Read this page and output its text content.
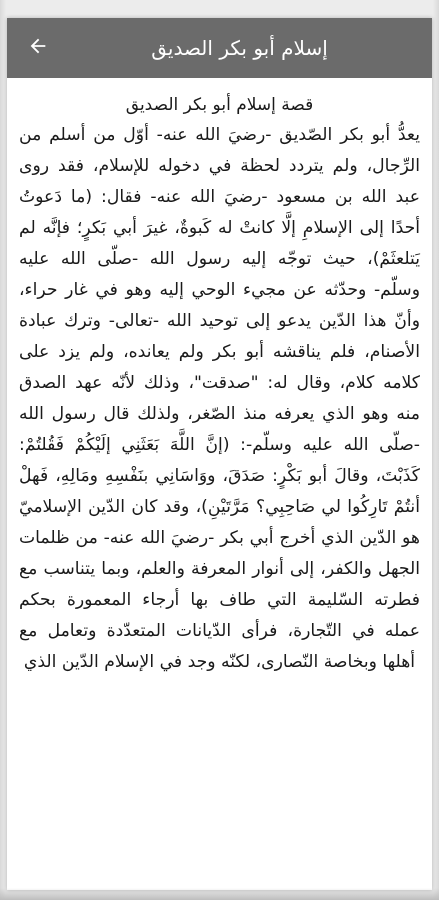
إسلام أبو بكر الصديق
قصة إسلام أبو بكر الصديق
يعدُّ أبو بكر الصّديق -رضيَ الله عنه- أوّل من أسلم من الرِّجال، ولم يتردد لحظة في دخوله للإسلام، فقد روى عبد الله بن مسعود -رضيَ الله عنه- فقال: (ما دَعوتُ أحدًا إلى الإسلامِ إلَّا كانتْ له كَبوةٌ، غيرَ أبي بَكرٍ؛ فإنَّه لم يَتلعثَمْ)، حيث توجّه إليه رسول الله -صلّى الله عليه وسلّم- وحدّثه عن مجيء الوحي إليه وهو في غار حراء، وأنّ هذا الدّين يدعو إلى توحيد الله -تعالى- وترك عبادة الأصنام، فلم يناقشه أبو بكر ولم يعانده، ولم يزد على كلامه كلام، وقال له: "صدقت"، وذلك لأنّه عهد الصدق منه وهو الذي يعرفه منذ الصّغر، ولذلك قال رسول الله -صلّى الله عليه وسلّم-: (إنَّ اللَّهَ بَعَثَنِي إلَيْكُمْ فَقُلتُمْ: كَذَبْتَ، وقالَ أبو بَكْرٍ: صَدَقَ، ووَاسَانِي بنَفْسِهِ ومَالِهِ، فَهلْ أنتُمْ تَارِكُوا لي صَاحِبِي؟ مَرَّتَيْنِ)، وقد كان الدّين الإسلاميّ هو الدّين الذي أخرج أبي بكر -رضيَ الله عنه- من ظلمات الجهل والكفر، إلى أنوار المعرفة والعلم، وبما يتناسب مع فطرته السّليمة التي طاف بها أرجاء المعمورة بحكم عمله في التّجارة، فرأى الدّيانات المتعدّدة وتعامل مع أهلها وبخاصة النّصارى، لكنّه وجد في الإسلام الدّين الذي
